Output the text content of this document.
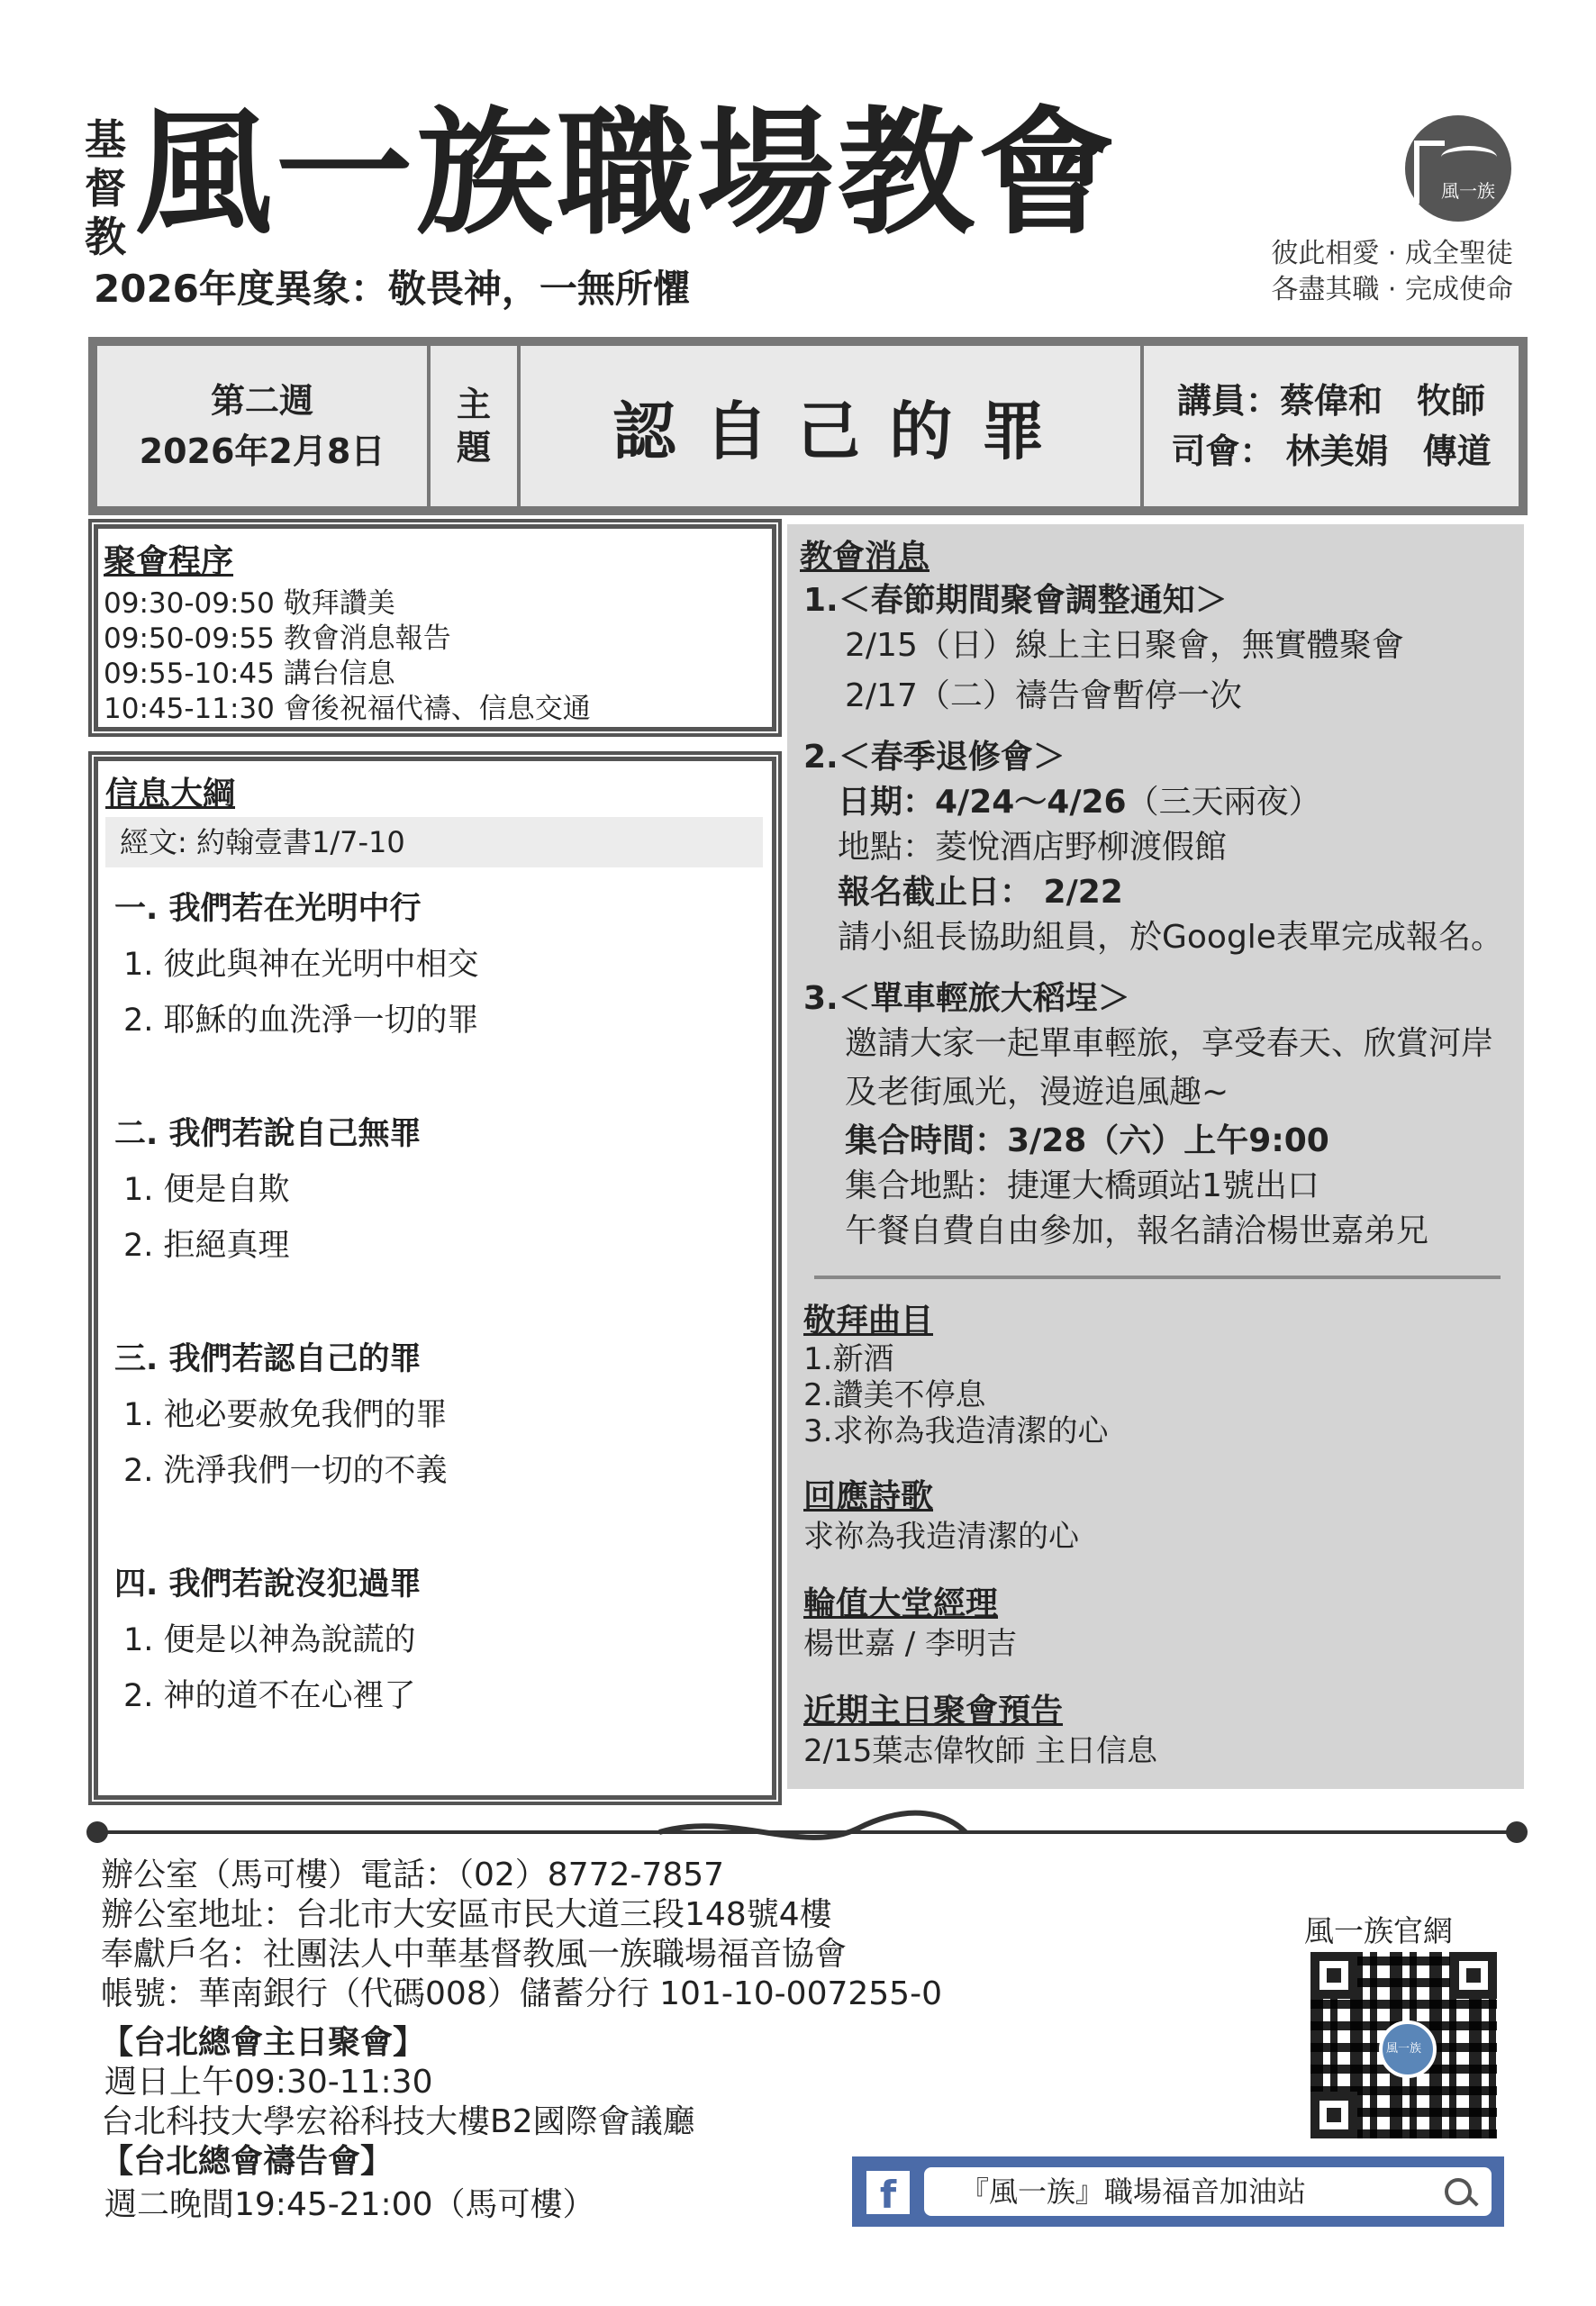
基督教 風一族職場教會
2026年度異象：敬畏神，一無所懼
風一族
彼此相愛 · 成全聖徒
各盡其職 · 完成使命
第二週
2026年2月8日
主題	認 自 己 的 罪	講員：蔡偉和　牧師
司會： 林美娟　傳道
聚會程序
09:30-09:50 敬拜讚美
09:50-09:55 教會消息報告
09:55-10:45 講台信息
10:45-11:30 會後祝福代禱、信息交通
信息大綱
經文: 約翰壹書1/7-10
一. 我們若在光明中行
1. 彼此與神在光明中相交
2. 耶穌的血洗淨一切的罪
二. 我們若說自己無罪
1. 便是自欺
2. 拒絕真理
三. 我們若認自己的罪
1. 祂必要赦免我們的罪
2. 洗淨我們一切的不義
四. 我們若說沒犯過罪
1. 便是以神為說謊的
2. 神的道不在心裡了
教會消息
1.＜春節期間聚會調整通知＞
2/15（日）線上主日聚會，無實體聚會
2/17（二）禱告會暫停一次
2.＜春季退修會＞
日期：4/24～4/26（三天兩夜）
地點：菱悅酒店野柳渡假館
報名截止日： 2/22
請小組長協助組員，於Google表單完成報名。
3.＜單車輕旅大稻埕＞
邀請大家一起單車輕旅，享受春天、欣賞河岸
及老街風光，漫遊追風趣~
集合時間：3/28（六）上午9:00
集合地點：捷運大橋頭站1號出口
午餐自費自由參加，報名請洽楊世嘉弟兄
敬拜曲目
1.新酒
2.讚美不停息
3.求祢為我造清潔的心
回應詩歌
求祢為我造清潔的心
輪值大堂經理
楊世嘉 / 李明吉
近期主日聚會預告
2/15葉志偉牧師 主日信息
辦公室（馬可樓）電話：（02）8772-7857
辦公室地址：台北市大安區市民大道三段148號4樓
奉獻戶名：社團法人中華基督教風一族職場福音協會
帳號：華南銀行（代碼008）儲蓄分行 101-10-007255-0
【台北總會主日聚會】
週日上午09:30-11:30
台北科技大學宏裕科技大樓B2國際會議廳
【台北總會禱告會】
週二晚間19:45-21:00（馬可樓）
風一族官網
風一族
f	『風一族』職場福音加油站
